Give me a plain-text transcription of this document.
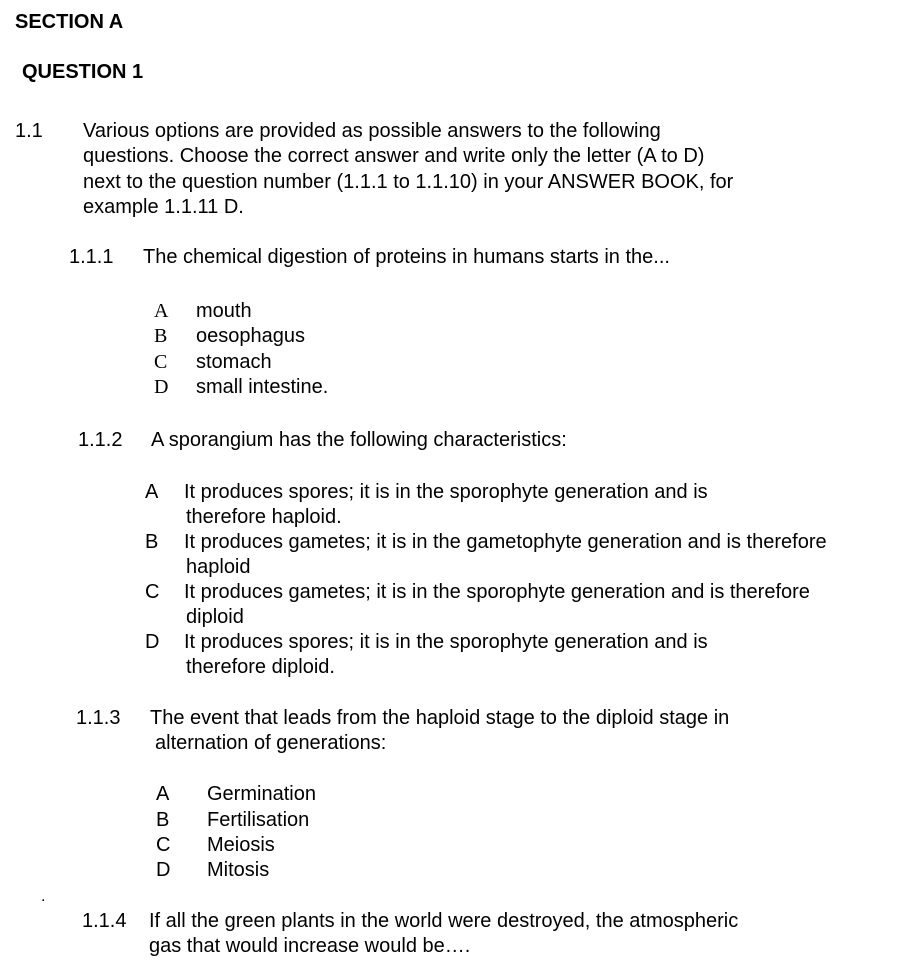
SECTION A
QUESTION 1
1.1 Various options are provided as possible answers to the following
questions. Choose the correct answer and write only the letter (A to D)
next to the question number (1.1.1 to 1.1.10) in your ANSWER BOOK, for
example 1.1.11 D.
1.1.1 The chemical digestion of proteins in humans starts in the...
A mouth
B oesophagus
C stomach
D small intestine.
1.1.2 A sporangium has the following characteristics:
A It produces spores; it is in the sporophyte generation and is
therefore haploid.
B It produces gametes; it is in the gametophyte generation and is therefore
haploid
C It produces gametes; it is in the sporophyte generation and is therefore
diploid
D It produces spores; it is in the sporophyte generation and is
therefore diploid.
1.1.3 The event that leads from the haploid stage to the diploid stage in
alternation of generations:
A Germination
B Fertilisation
C Meiosis
D Mitosis
.
1.1.4 If all the green plants in the world were destroyed, the atmospheric
gas that would increase would be….
